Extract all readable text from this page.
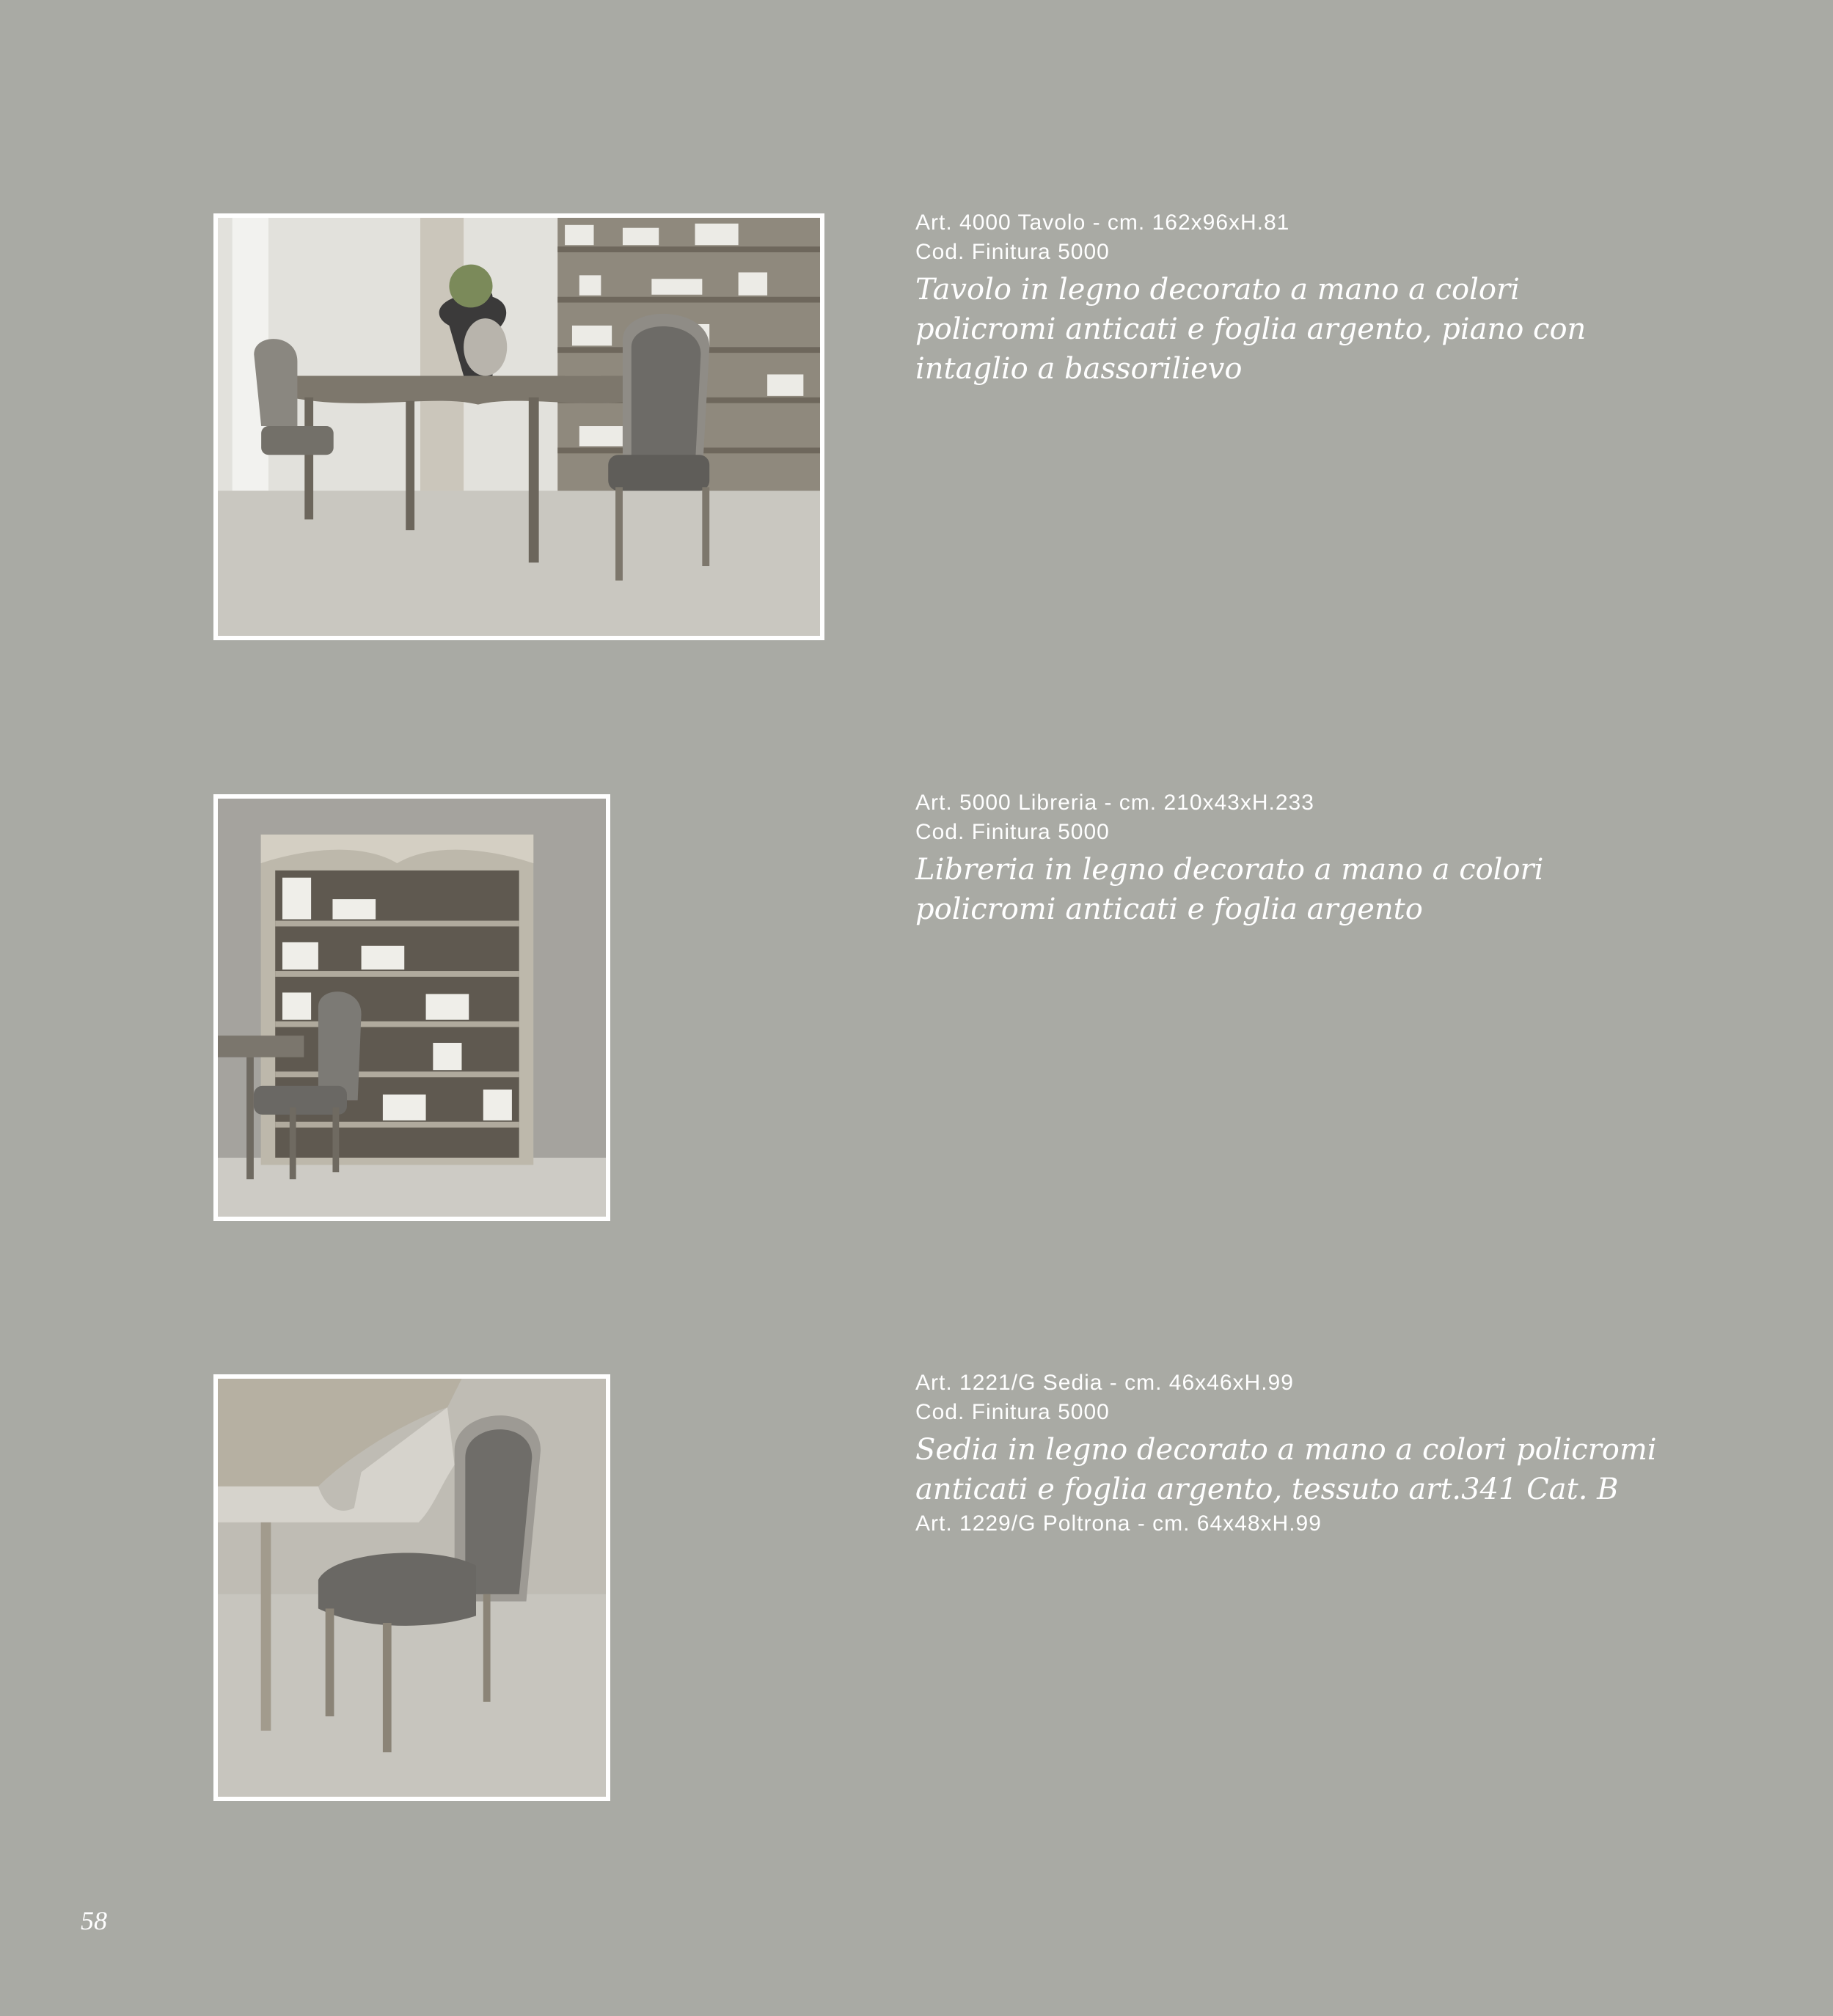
Art. 4000 Tavolo - cm. 162x96xH.81
Cod. Finitura 5000
Tavolo in legno decorato a mano a colori policromi anticati e foglia argento, piano con intaglio a bassorilievo
Art. 5000 Libreria - cm. 210x43xH.233
Cod. Finitura 5000
Libreria in legno decorato a mano a colori policromi anticati e foglia argento
Art. 1221/G Sedia - cm. 46x46xH.99
Cod. Finitura 5000
Sedia in legno decorato a mano a colori policromi anticati e foglia argento, tessuto art.341 Cat. B
Art. 1229/G Poltrona - cm. 64x48xH.99
58
